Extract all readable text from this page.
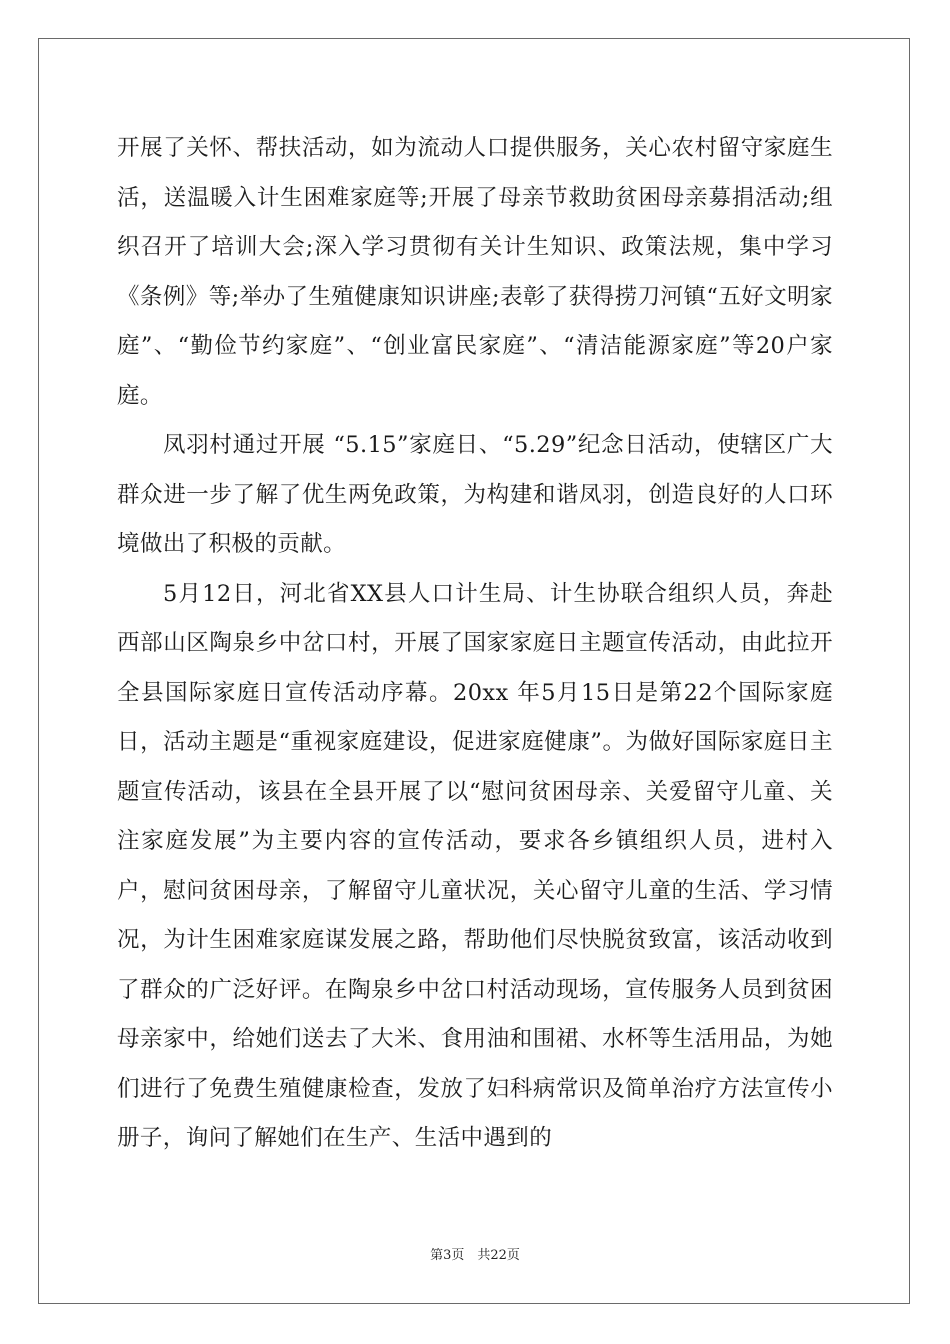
开展了关怀、帮扶活动，如为流动人口提供服务，关心农村留守家庭生活，送温暖入计生困难家庭等;开展了母亲节救助贫困母亲募捐活动;组织召开了培训大会;深入学习贯彻有关计生知识、政策法规，集中学习《条例》等;举办了生殖健康知识讲座;表彰了获得捞刀河镇“五好文明家庭”、“勤俭节约家庭”、“创业富民家庭”、“清洁能源家庭”等20户家庭。

凤羽村通过开展 “5.15”家庭日、“5.29”纪念日活动，使辖区广大群众进一步了解了优生两免政策，为构建和谐凤羽，创造良好的人口环境做出了积极的贡献。

5月12日，河北省XX县人口计生局、计生协联合组织人员，奔赴西部山区陶泉乡中岔口村，开展了国家家庭日主题宣传活动，由此拉开全县国际家庭日宣传活动序幕。20xx 年5月15日是第22个国际家庭日，活动主题是“重视家庭建设，促进家庭健康”。为做好国际家庭日主题宣传活动，该县在全县开展了以“慰问贫困母亲、关爱留守儿童、关注家庭发展”为主要内容的宣传活动，要求各乡镇组织人员，进村入户，慰问贫困母亲，了解留守儿童状况，关心留守儿童的生活、学习情况，为计生困难家庭谋发展之路，帮助他们尽快脱贫致富，该活动收到了群众的广泛好评。在陶泉乡中岔口村活动现场，宣传服务人员到贫困母亲家中，给她们送去了大米、食用油和围裙、水杯等生活用品，为她们进行了免费生殖健康检查，发放了妇科病常识及简单治疗方法宣传小册子，询问了解她们在生产、生活中遇到的

第3页　共22页
